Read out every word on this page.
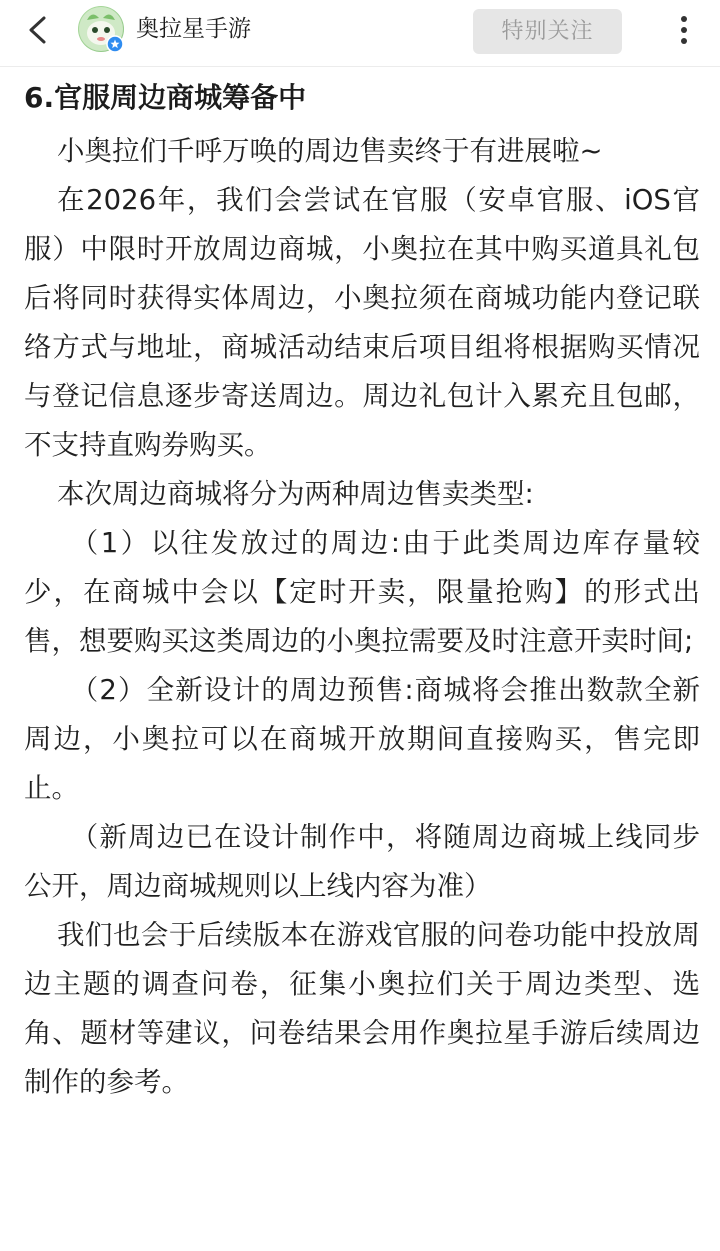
奥拉星手游	特别关注
6.官服周边商城筹备中

小奥拉们千呼万唤的周边售卖终于有进展啦~

在2026年，我们会尝试在官服（安卓官服、iOS官服）中限时开放周边商城，小奥拉在其中购买道具礼包后将同时获得实体周边，小奥拉须在商城功能内登记联络方式与地址，商城活动结束后项目组将根据购买情况与登记信息逐步寄送周边。周边礼包计入累充且包邮，不支持直购券购买。

本次周边商城将分为两种周边售卖类型:

（1）以往发放过的周边:由于此类周边库存量较少，在商城中会以【定时开卖，限量抢购】的形式出售，想要购买这类周边的小奥拉需要及时注意开卖时间;

（2）全新设计的周边预售:商城将会推出数款全新周边，小奥拉可以在商城开放期间直接购买，售完即止。

（新周边已在设计制作中，将随周边商城上线同步公开，周边商城规则以上线内容为准）

我们也会于后续版本在游戏官服的问卷功能中投放周边主题的调查问卷，征集小奥拉们关于周边类型、选角、题材等建议，问卷结果会用作奥拉星手游后续周边制作的参考。
